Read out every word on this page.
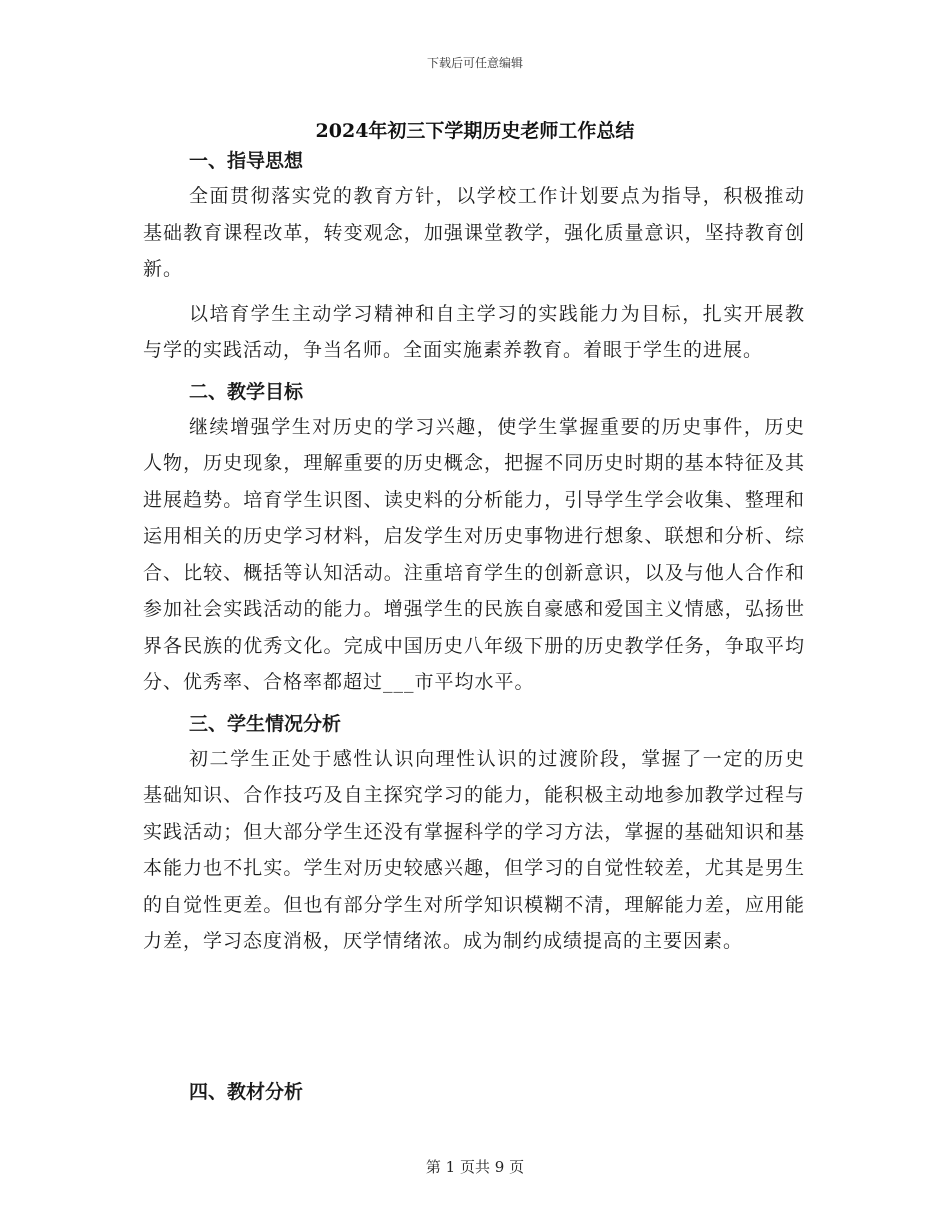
下载后可任意编辑
2024年初三下学期历史老师工作总结
一、指导思想

全面贯彻落实党的教育方针，以学校工作计划要点为指导，积极推动基础教育课程改革，转变观念，加强课堂教学，强化质量意识，坚持教育创新。

以培育学生主动学习精神和自主学习的实践能力为目标，扎实开展教与学的实践活动，争当名师。全面实施素养教育。着眼于学生的进展。

二、教学目标

继续增强学生对历史的学习兴趣，使学生掌握重要的历史事件，历史人物，历史现象，理解重要的历史概念，把握不同历史时期的基本特征及其进展趋势。培育学生识图、读史料的分析能力，引导学生学会收集、整理和运用相关的历史学习材料，启发学生对历史事物进行想象、联想和分析、综合、比较、概括等认知活动。注重培育学生的创新意识，以及与他人合作和参加社会实践活动的能力。增强学生的民族自豪感和爱国主义情感，弘扬世界各民族的优秀文化。完成中国历史八年级下册的历史教学任务，争取平均分、优秀率、合格率都超过___市平均水平。

三、学生情况分析

初二学生正处于感性认识向理性认识的过渡阶段，掌握了一定的历史基础知识、合作技巧及自主探究学习的能力，能积极主动地参加教学过程与实践活动；但大部分学生还没有掌握科学的学习方法，掌握的基础知识和基本能力也不扎实。学生对历史较感兴趣，但学习的自觉性较差，尤其是男生的自觉性更差。但也有部分学生对所学知识模糊不清，理解能力差，应用能力差，学习态度消极，厌学情绪浓。成为制约成绩提高的主要因素。

四、教材分析
第 1 页共 9 页
